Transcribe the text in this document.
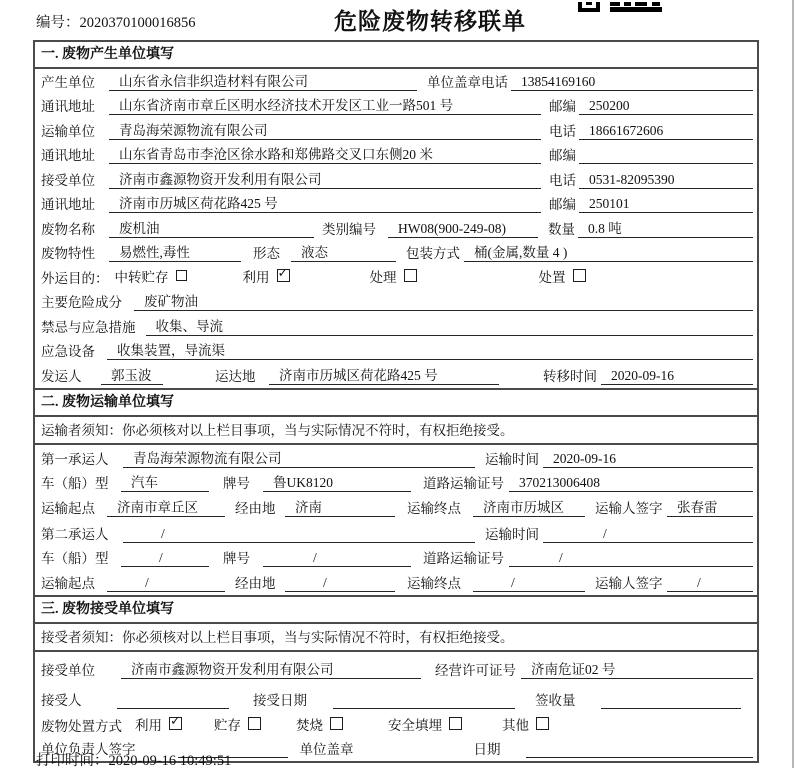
编号：2020370100016856	危险废物转移联单
一. 废物产生单位填写
产生单位	山东省永信非织造材料有限公司	单位盖章 电话 13854169160
通讯地址	山东省济南市章丘区明水经济技术开发区工业一路501 号	邮编 250200
运输单位	青岛海荣源物流有限公司	电话 18661672606
通讯地址	山东省青岛市李沧区徐水路和郑佛路交叉口东侧20 米	邮编
接受单位	济南市鑫源物资开发利用有限公司	电话 0531-82095390
通讯地址	济南市历城区荷花路425 号	邮编 250101
废物名称	废机油	类别编号	HW08(900-249-08)	数量 0.8 吨
废物特性	易燃性,毒性	形态	液态	包装方式	桶(金属,数量 4 )
外运目的： 中转贮存	利用 ✓	处理	处置
主要危险成分	废矿物油
禁忌与应急措施	收集、导流
应急设备	收集装置，导流渠
发运人	郭玉波	运达地	济南市历城区荷花路425 号	转移时间	2020-09-16
二. 废物运输单位填写
运输者须知：你必须核对以上栏目事项，当与实际情况不符时，有权拒绝接受。
第一承运人	青岛海荣源物流有限公司	运输时间	2020-09-16
车（船）型	汽车	牌号	鲁UK8120	道路运输证号	370213006408
运输起点	济南市章丘区	经由地	济南	运输终点	济南市历城区	运输人签字	张春雷
第二承运人	/	运输时间	/
车（船）型	/	牌号	/	道路运输证号	/
运输起点	/	经由地	/	运输终点	/	运输人签字	/
三. 废物接受单位填写
接受者须知：你必须核对以上栏目事项，当与实际情况不符时，有权拒绝接受。
接受单位	济南市鑫源物资开发利用有限公司	经营许可证号	济南危证02 号
接受人	接受日期	签收量
废物处置方式 利用 ✓	贮存	焚烧	安全填埋	其他
单位负责人签字	单位盖章	日期
打印时间：2020-09-16 10:49:51
